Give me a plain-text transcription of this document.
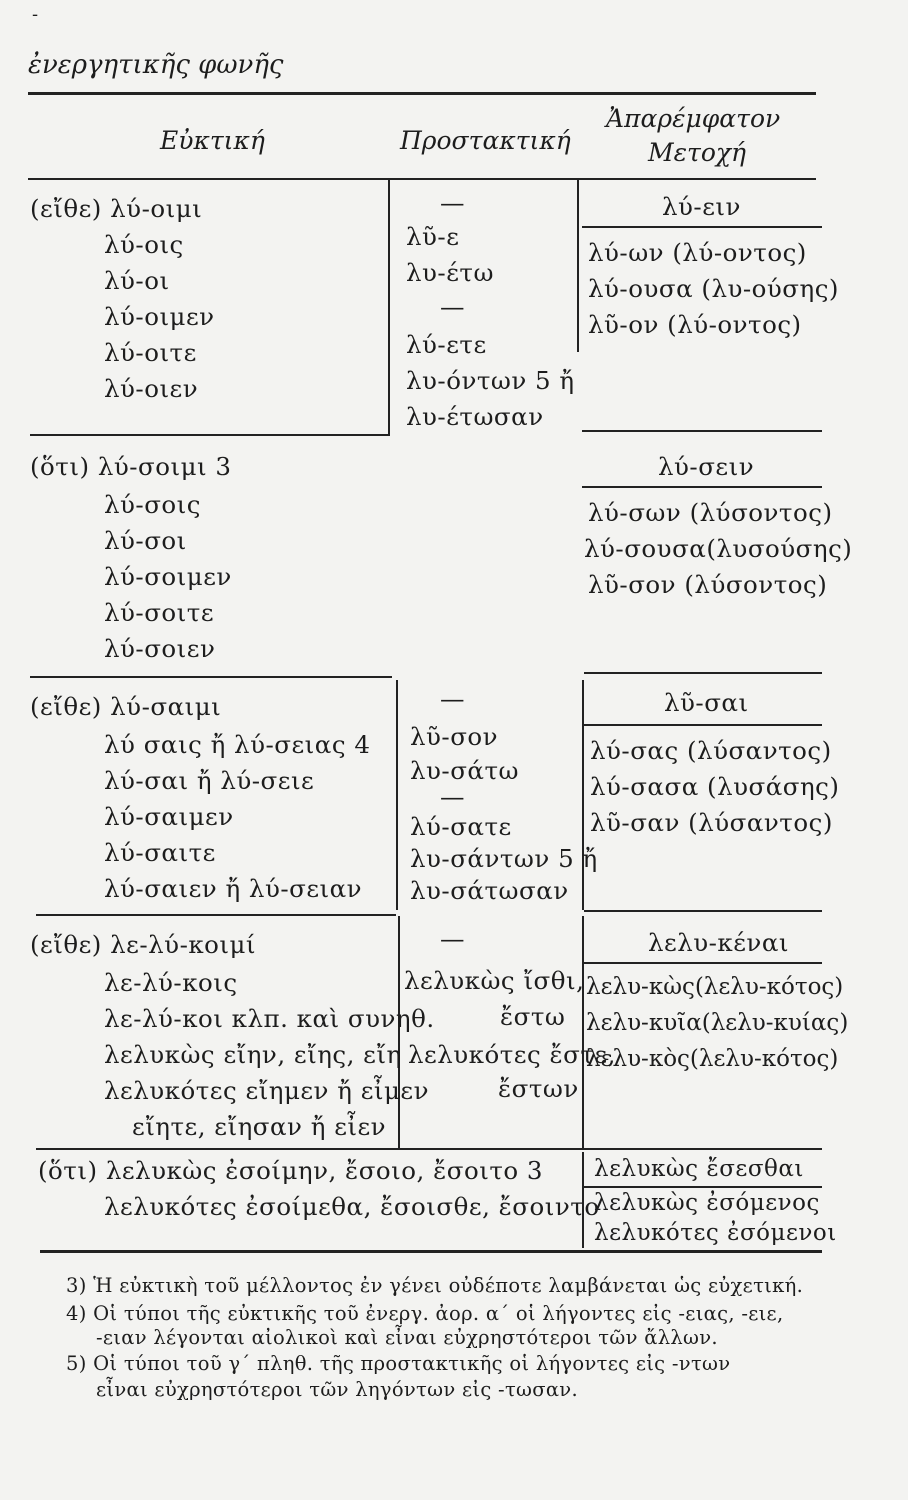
-
ἐνεργητικῆς φωνῆς
Εὐκτική	Προστακτική
Ἀπαρέμφατον
Μετοχή
(εἴθε) λύ-οιμι
λύ-οις
λύ-οι
λύ-οιμεν
λύ-οιτε
λύ-οιεν
—
λῦ-ε
λυ-έτω
—
λύ-ετε
λυ-όντων 5 ἤ
λυ-έτωσαν
λύ-ειν
λύ-ων (λύ-οντος)
λύ-ουσα (λυ-ούσης)
λῦ-ον (λύ-οντος)
(ὅτι) λύ-σοιμι 3
λύ-σοις
λύ-σοι
λύ-σοιμεν
λύ-σοιτε
λύ-σοιεν
λύ-σειν
λύ-σων (λύσοντος)
λύ-σουσα(λυσούσης)
λῦ-σον (λύσοντος)
(εἴθε) λύ-σαιμι
λύ σαις ἤ λύ-σειας 4
λύ-σαι ἤ λύ-σειε
λύ-σαιμεν
λύ-σαιτε
λύ-σαιεν ἤ λύ-σειαν
—
λῦ-σον
λυ-σάτω
—
λύ-σατε
λυ-σάντων 5 ἤ
λυ-σάτωσαν
λῦ-σαι
λύ-σας (λύσαντος)
λύ-σασα (λυσάσης)
λῦ-σαν (λύσαντος)
(εἴθε) λε-λύ-κοιμί
λε-λύ-κοις
λε-λύ-κοι κλπ. καὶ συνηθ.
λελυκὼς εἴην, εἴης, εἴη
λελυκότες εἴημεν ἤ εἶμεν
εἴητε, εἴησαν ἤ εἶεν
—
λελυκὼς ἴσθι,
ἔστω
λελυκότες ἔστε,
ἔστων
λελυ-κέναι
λελυ-κὼς(λελυ-κότος)
λελυ-κυῖα(λελυ-κυίας)
λελυ-κὸς(λελυ-κότος)
(ὅτι) λελυκὼς ἐσοίμην, ἔσοιο, ἔσοιτο 3
λελυκότες ἐσοίμεθα, ἔσοισθε, ἔσοιντο
λελυκὼς ἔσεσθαι
λελυκὼς ἐσόμενος
λελυκότες ἐσόμενοι
3) Ἡ εὐκτικὴ τοῦ μέλλοντος ἐν γένει οὐδέποτε λαμβάνεται ὡς εὐχετική.
4) Οἱ τύποι τῆς εὐκτικῆς τοῦ ἐνεργ. ἀορ. α΄ οἱ λήγοντες εἰς -ειας, -ειε,
-ειαν λέγονται αἰολικοὶ καὶ εἶναι εὐχρηστότεροι τῶν ἄλλων.
5) Οἱ τύποι τοῦ γ΄ πληθ. τῆς προστακτικῆς οἱ λήγοντες εἰς -ντων
εἶναι εὐχρηστότεροι τῶν ληγόντων εἰς -τωσαν.
